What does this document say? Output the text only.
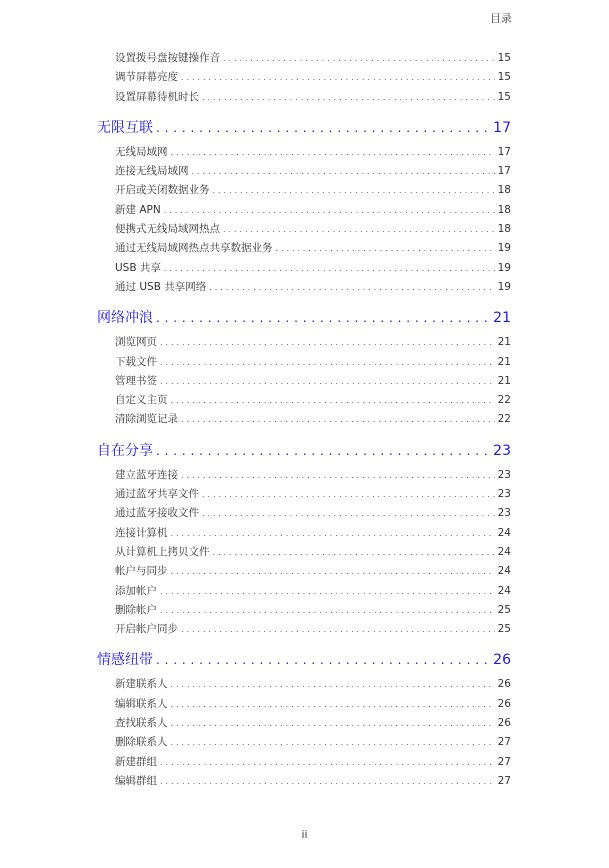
目录
设置拨号盘按键操作音 . . .	15
调节屏幕亮度 . . .	15
设置屏幕待机时长 . . .	15
无限互联 . . .	17
无线局域网 . . .	17
连接无线局域网 . . .	17
开启或关闭数据业务 . . .	18
新建 APN . . .	18
便携式无线局域网热点 . . .	18
通过无线局域网热点共享数据业务 . . .	19
USB 共享 . . .	19
通过 USB 共享网络 . . .	19
网络冲浪 . . .	21
浏览网页 . . .	21
下载文件 . . .	21
管理书签 . . .	21
自定义主页 . . .	22
清除浏览记录 . . .	22
自在分享 . . .	23
建立蓝牙连接 . . .	23
通过蓝牙共享文件 . . .	23
通过蓝牙接收文件 . . .	23
连接计算机 . . .	24
从计算机上拷贝文件 . . .	24
帐户与同步 . . .	24
添加帐户 . . .	24
删除帐户 . . .	25
开启帐户同步 . . .	25
情感纽带 . . .	26
新建联系人 . . .	26
编辑联系人 . . .	26
查找联系人 . . .	26
删除联系人 . . .	27
新建群组 . . .	27
编辑群组 . . .	27
ii
